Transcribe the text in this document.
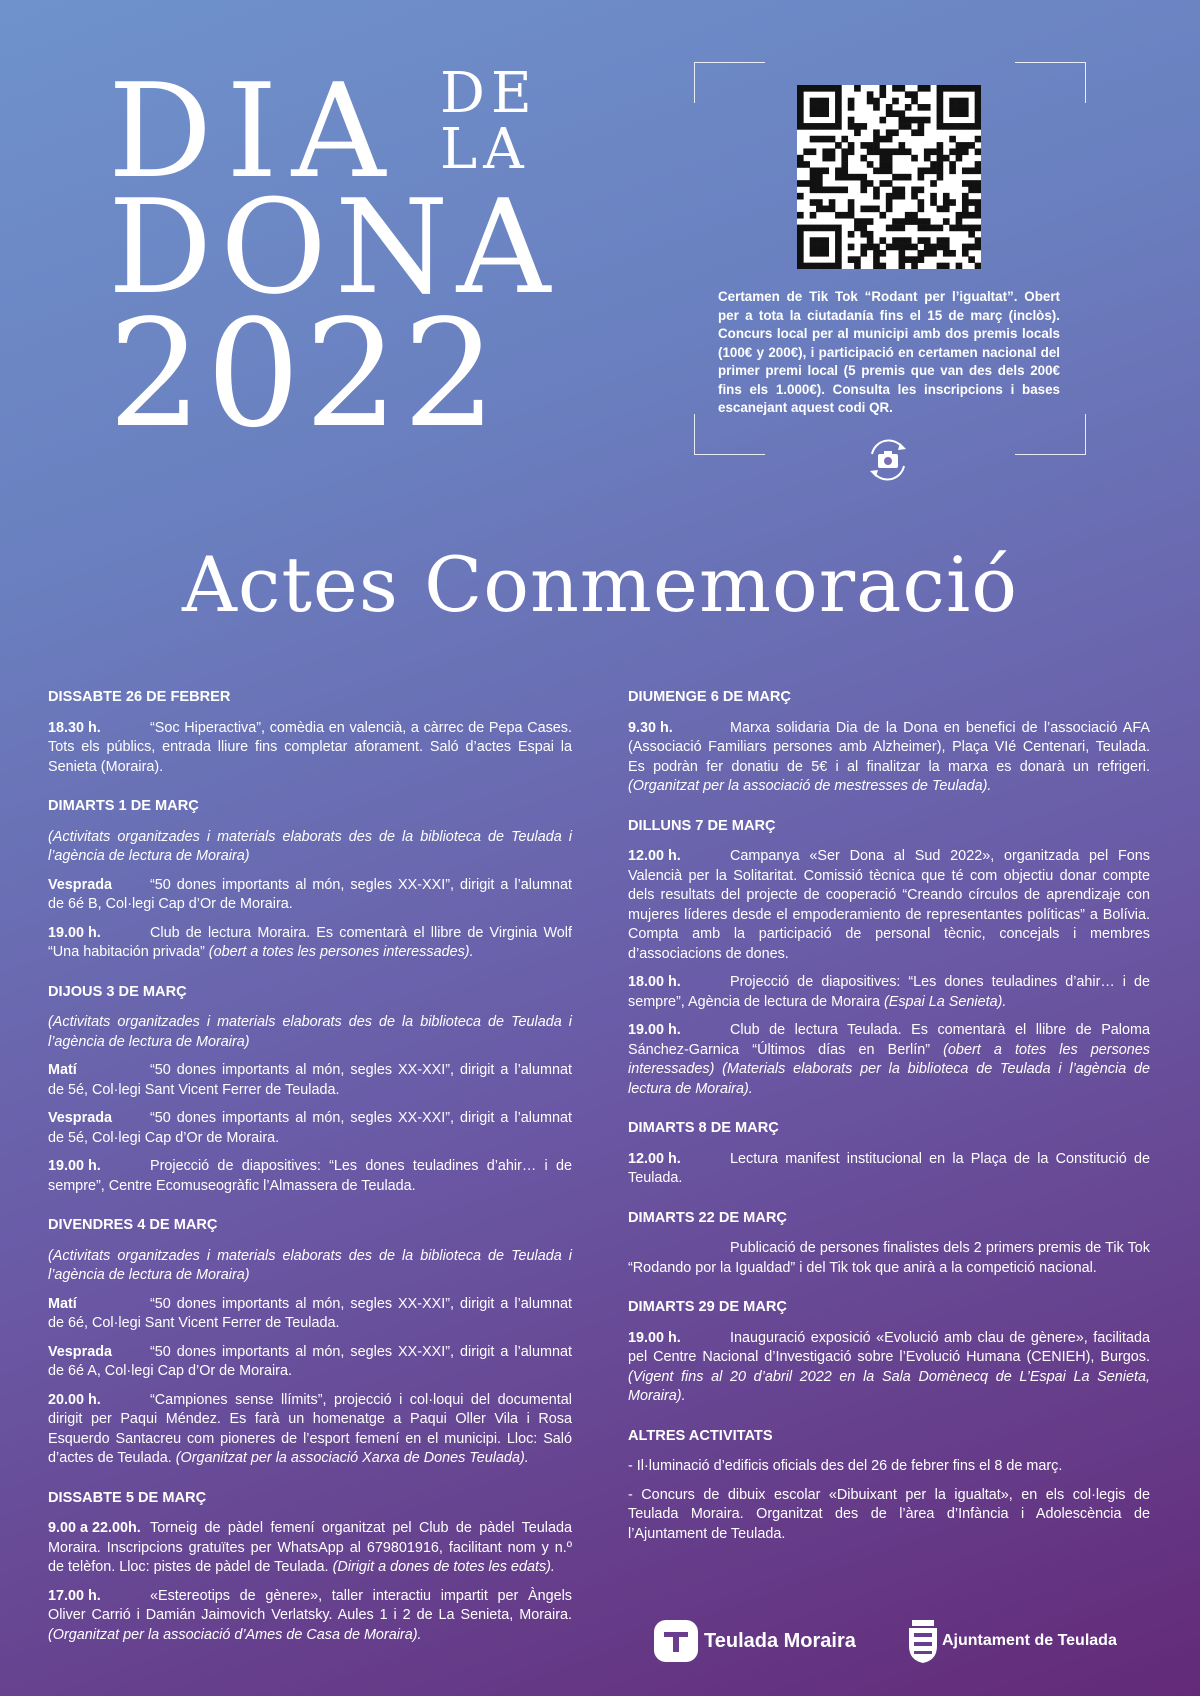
DIA DE
LA
DONA
2022	Certamen de Tik Tok “Rodant per l’igualtat”. Obert per a tota la ciutadanía fins el 15 de març (inclòs). Concurs local per al municipi amb dos premis locals (100€ y 200€), i participació en certamen nacional del primer premi local (5 premis que van des dels 200€ fins els 1.000€). Consulta les inscripcions i bases escanejant aquest codi QR.
Actes Conmemoració
DISSABTE 26 DE FEBRER
18.30 h.	“Soc Hiperactiva”, comèdia en valencià, a càrrec de Pepa Cases. Tots els públics, entrada lliure fins completar aforament. Saló d’actes Espai la Senieta (Moraira).
DIMARTS 1 DE MARÇ
(Activitats organitzades i materials elaborats des de la biblioteca de Teulada i l’agència de lectura de Moraira)
Vesprada	“50 dones importants al món, segles XX-XXI”, dirigit a l’alumnat de 6é B, Col·legi Cap d’Or de Moraira.
19.00 h.	Club de lectura Moraira. Es comentarà el llibre de Virginia Wolf “Una habitación privada” (obert a totes les persones interessades).
DIJOUS 3 DE MARÇ
(Activitats organitzades i materials elaborats des de la biblioteca de Teulada i l’agència de lectura de Moraira)
Matí	“50 dones importants al món, segles XX-XXI”, dirigit a l’alumnat de 5é, Col·legi Sant Vicent Ferrer de Teulada.
Vesprada	“50 dones importants al món, segles XX-XXI”, dirigit a l’alumnat de 5é, Col·legi Cap d’Or de Moraira.
19.00 h.	Projecció de diapositives: “Les dones teuladines d’ahir… i de sempre”, Centre Ecomuseogràfic l’Almassera de Teulada.
DIVENDRES 4 DE MARÇ
(Activitats organitzades i materials elaborats des de la biblioteca de Teulada i l’agència de lectura de Moraira)
Matí	“50 dones importants al món, segles XX-XXI”, dirigit a l’alumnat de 6é, Col·legi Sant Vicent Ferrer de Teulada.
Vesprada	“50 dones importants al món, segles XX-XXI”, dirigit a l’alumnat de 6é A, Col·legi Cap d’Or de Moraira.
20.00 h.	“Campiones sense llímits”, projecció i col·loqui del documental dirigit per Paqui Méndez. Es farà un homenatge a Paqui Oller Vila i Rosa Esquerdo Santacreu com pioneres de l’esport femení en el municipi. Lloc: Saló d’actes de Teulada. (Organitzat per la associació Xarxa de Dones Teulada).
DISSABTE 5 DE MARÇ
9.00 a 22.00h. Torneig de pàdel femení organitzat pel Club de pàdel Teulada Moraira. Inscripcions gratuïtes per WhatsApp al 679801916, facilitant nom y n.º de telèfon. Lloc: pistes de pàdel de Teulada. (Dirigit a dones de totes les edats).
17.00 h.	«Estereotips de gènere», taller interactiu impartit per Àngels Oliver Carrió i Damián Jaimovich Verlatsky. Aules 1 i 2 de La Senieta, Moraira. (Organitzat per la associació d’Ames de Casa de Moraira).
DIUMENGE 6 DE MARÇ
9.30 h.	Marxa solidaria Dia de la Dona en benefici de l’associació AFA (Associació Familiars persones amb Alzheimer), Plaça VIé Centenari, Teulada. Es podràn fer donatiu de 5€ i al finalitzar la marxa es donarà un refrigeri. (Organitzat per la associació de mestresses de Teulada).
DILLUNS 7 DE MARÇ
12.00 h.	Campanya «Ser Dona al Sud 2022», organitzada pel Fons Valencià per la Solitaritat. Comissió tècnica que té com objectiu donar compte dels resultats del projecte de cooperació “Creando círculos de aprendizaje con mujeres líderes desde el empoderamiento de representantes políticas” a Bolívia. Compta amb la participació de personal tècnic, concejals i membres d’associacions de dones.
18.00 h.	Projecció de diapositives: “Les dones teuladines d’ahir… i de sempre”, Agència de lectura de Moraira (Espai La Senieta).
19.00 h.	Club de lectura Teulada. Es comentarà el llibre de Paloma Sánchez-Garnica “Últimos días en Berlín” (obert a totes les persones interessades) (Materials elaborats per la biblioteca de Teulada i l’agència de lectura de Moraira).
DIMARTS 8 DE MARÇ
12.00 h.	Lectura manifest institucional en la Plaça de la Constitució de Teulada.
DIMARTS 22 DE MARÇ
Publicació de persones finalistes dels 2 primers premis de Tik Tok “Rodando por la Igualdad” i del Tik tok que anirà a la competició nacional.
DIMARTS 29 DE MARÇ
19.00 h.	Inauguració exposició «Evolució amb clau de gènere», facilitada pel Centre Nacional d’Investigació sobre l’Evolució Humana (CENIEH), Burgos. (Vigent fins al 20 d’abril 2022 en la Sala Domènecq de L’Espai La Senieta, Moraira).
ALTRES ACTIVITATS
- Il·luminació d’edificis oficials des del 26 de febrer fins el 8 de març.
- Concurs de dibuix escolar «Dibuixant per la igualtat», en els col·legis de Teulada Moraira. Organitzat des de l’àrea d’Infància i Adolescència de l’Ajuntament de Teulada.
Teulada Moraira	Ajuntament de Teulada
